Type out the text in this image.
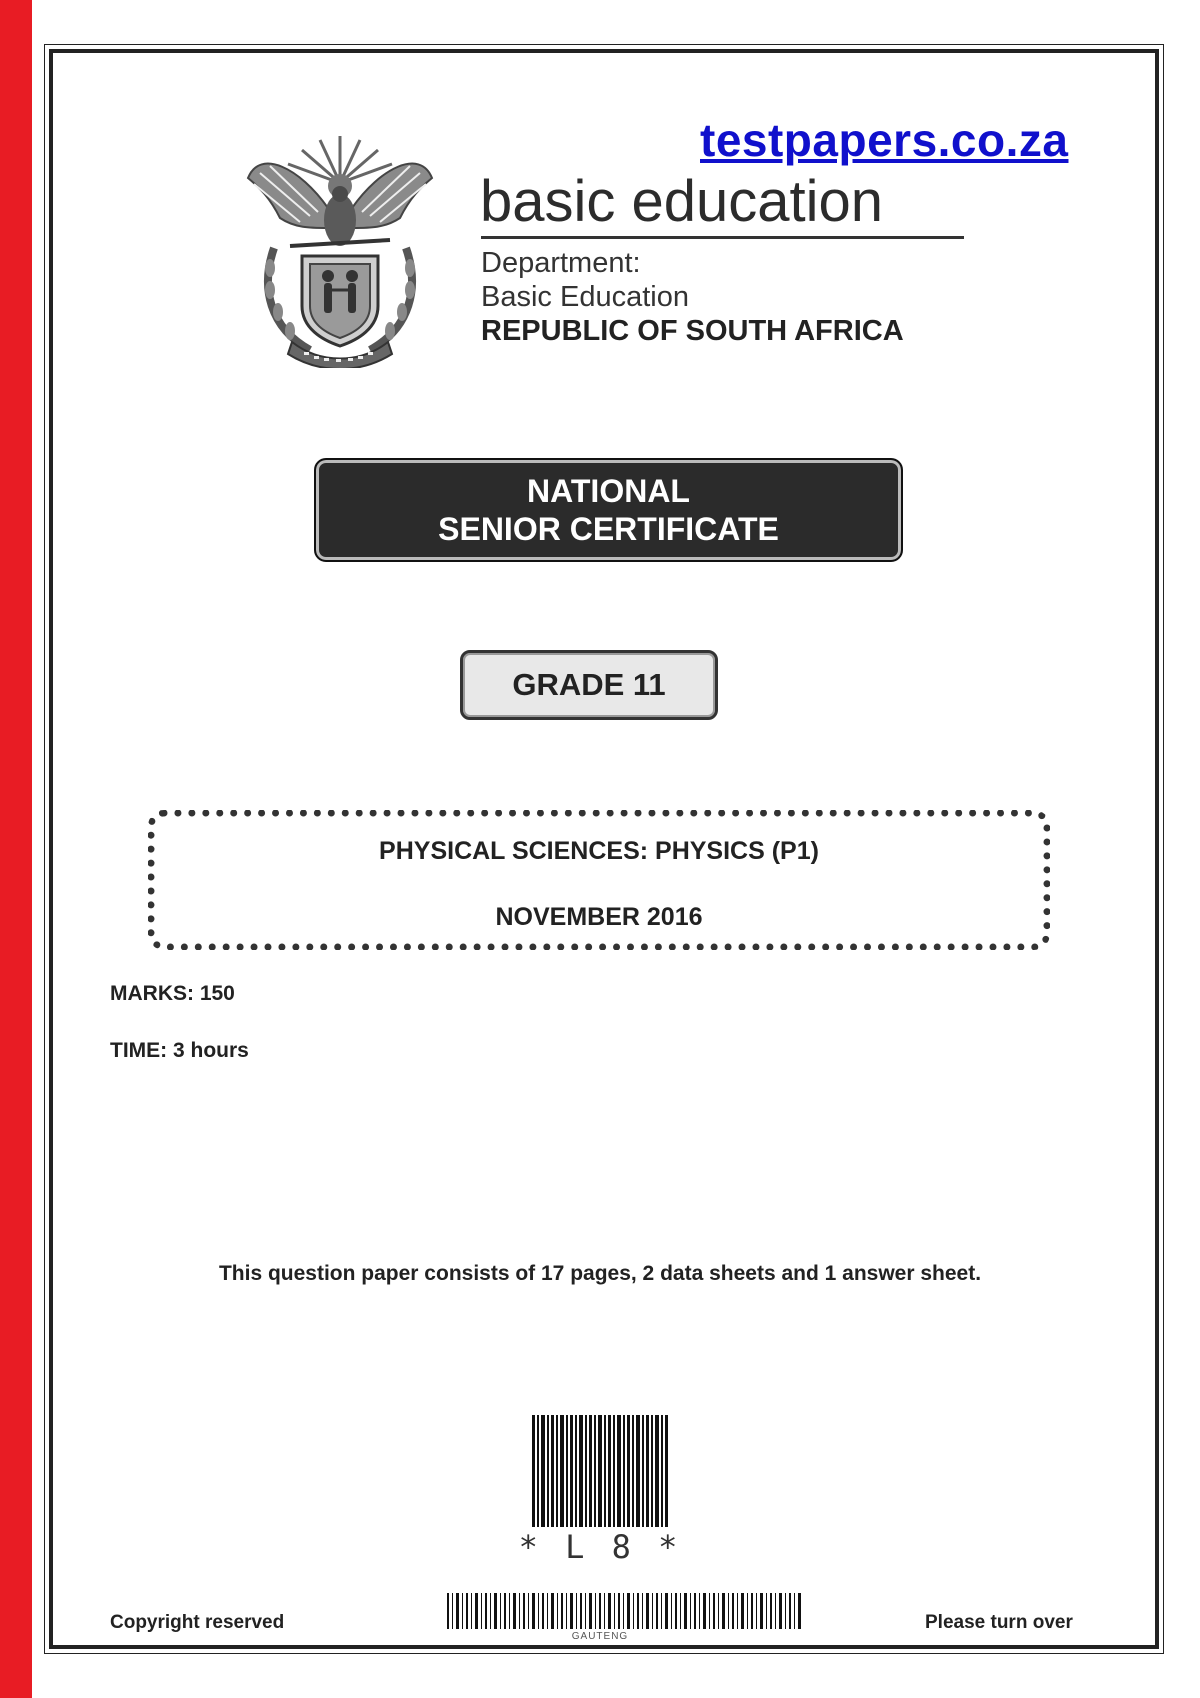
testpapers.co.za
basic education
Department:
Basic Education
REPUBLIC OF SOUTH AFRICA
NATIONAL
SENIOR CERTIFICATE
GRADE 11
PHYSICAL SCIENCES: PHYSICS (P1)
NOVEMBER 2016
MARKS: 150
TIME: 3 hours
This question paper consists of 17 pages, 2 data sheets and 1 answer sheet.
* L 8 *
GAUTENG
Copyright reserved	Please turn over
